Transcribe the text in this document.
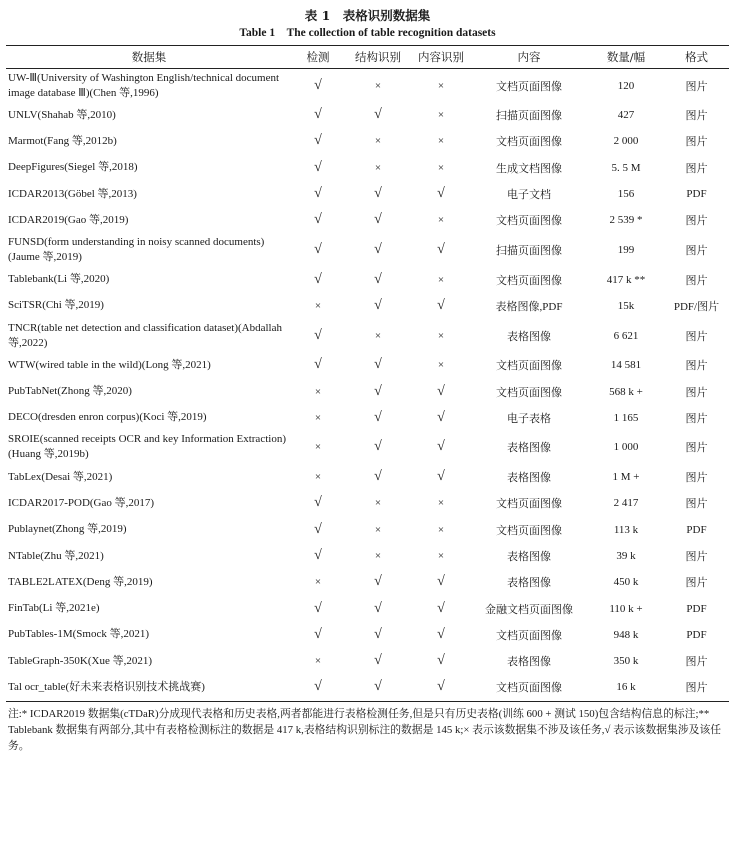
表 1　表格识别数据集
Table 1　The collection of table recognition datasets
数据集	检测	结构识别	内容识别	内容	数量/幅	格式
UW-Ⅲ(University of Washington English/technical document image database Ⅲ)(Chen 等,1996)	√	×	×	文档页面图像	120	图片
UNLV(Shahab 等,2010)	√	√	×	扫描页面图像	427	图片
Marmot(Fang 等,2012b)	√	×	×	文档页面图像	2 000	图片
DeepFigures(Siegel 等,2018)	√	×	×	生成文档图像	5. 5 M	图片
ICDAR2013(Göbel 等,2013)	√	√	√	电子文档	156	PDF
ICDAR2019(Gao 等,2019)	√	√	×	文档页面图像	2 539 *	图片
FUNSD(form understanding in noisy scanned documents)(Jaume 等,2019)	√	√	√	扫描页面图像	199	图片
Tablebank(Li 等,2020)	√	√	×	文档页面图像	417 k **	图片
SciTSR(Chi 等,2019)	×	√	√	表格图像,PDF	15k	PDF/图片
TNCR(table net detection and classification dataset)(Abdallah 等,2022)	√	×	×	表格图像	6 621	图片
WTW(wired table in the wild)(Long 等,2021)	√	√	×	文档页面图像	14 581	图片
PubTabNet(Zhong 等,2020)	×	√	√	文档页面图像	568 k +	图片
DECO(dresden enron corpus)(Koci 等,2019)	×	√	√	电子表格	1 165	图片
SROIE(scanned receipts OCR and key Information Extraction)(Huang 等,2019b)	×	√	√	表格图像	1 000	图片
TabLex(Desai 等,2021)	×	√	√	表格图像	1 M +	图片
ICDAR2017-POD(Gao 等,2017)	√	×	×	文档页面图像	2 417	图片
Publaynet(Zhong 等,2019)	√	×	×	文档页面图像	113 k	PDF
NTable(Zhu 等,2021)	√	×	×	表格图像	39 k	图片
TABLE2LATEX(Deng 等,2019)	×	√	√	表格图像	450 k	图片
FinTab(Li 等,2021e)	√	√	√	金融文档页面图像	110 k +	PDF
PubTables-1M(Smock 等,2021)	√	√	√	文档页面图像	948 k	PDF
TableGraph-350K(Xue 等,2021)	×	√	√	表格图像	350 k	图片
Tal ocr_table(好未来表格识别技术挑战赛)	√	√	√	文档页面图像	16 k	图片
注:* ICDAR2019 数据集(cTDaR)分成现代表格和历史表格,两者都能进行表格检测任务,但是只有历史表格(训练 600 + 测试 150)包含结构信息的标注;** Tablebank 数据集有两部分,其中有表格检测标注的数据是 417 k,表格结构识别标注的数据是 145 k;× 表示该数据集不涉及该任务,√ 表示该数据集涉及该任务。
